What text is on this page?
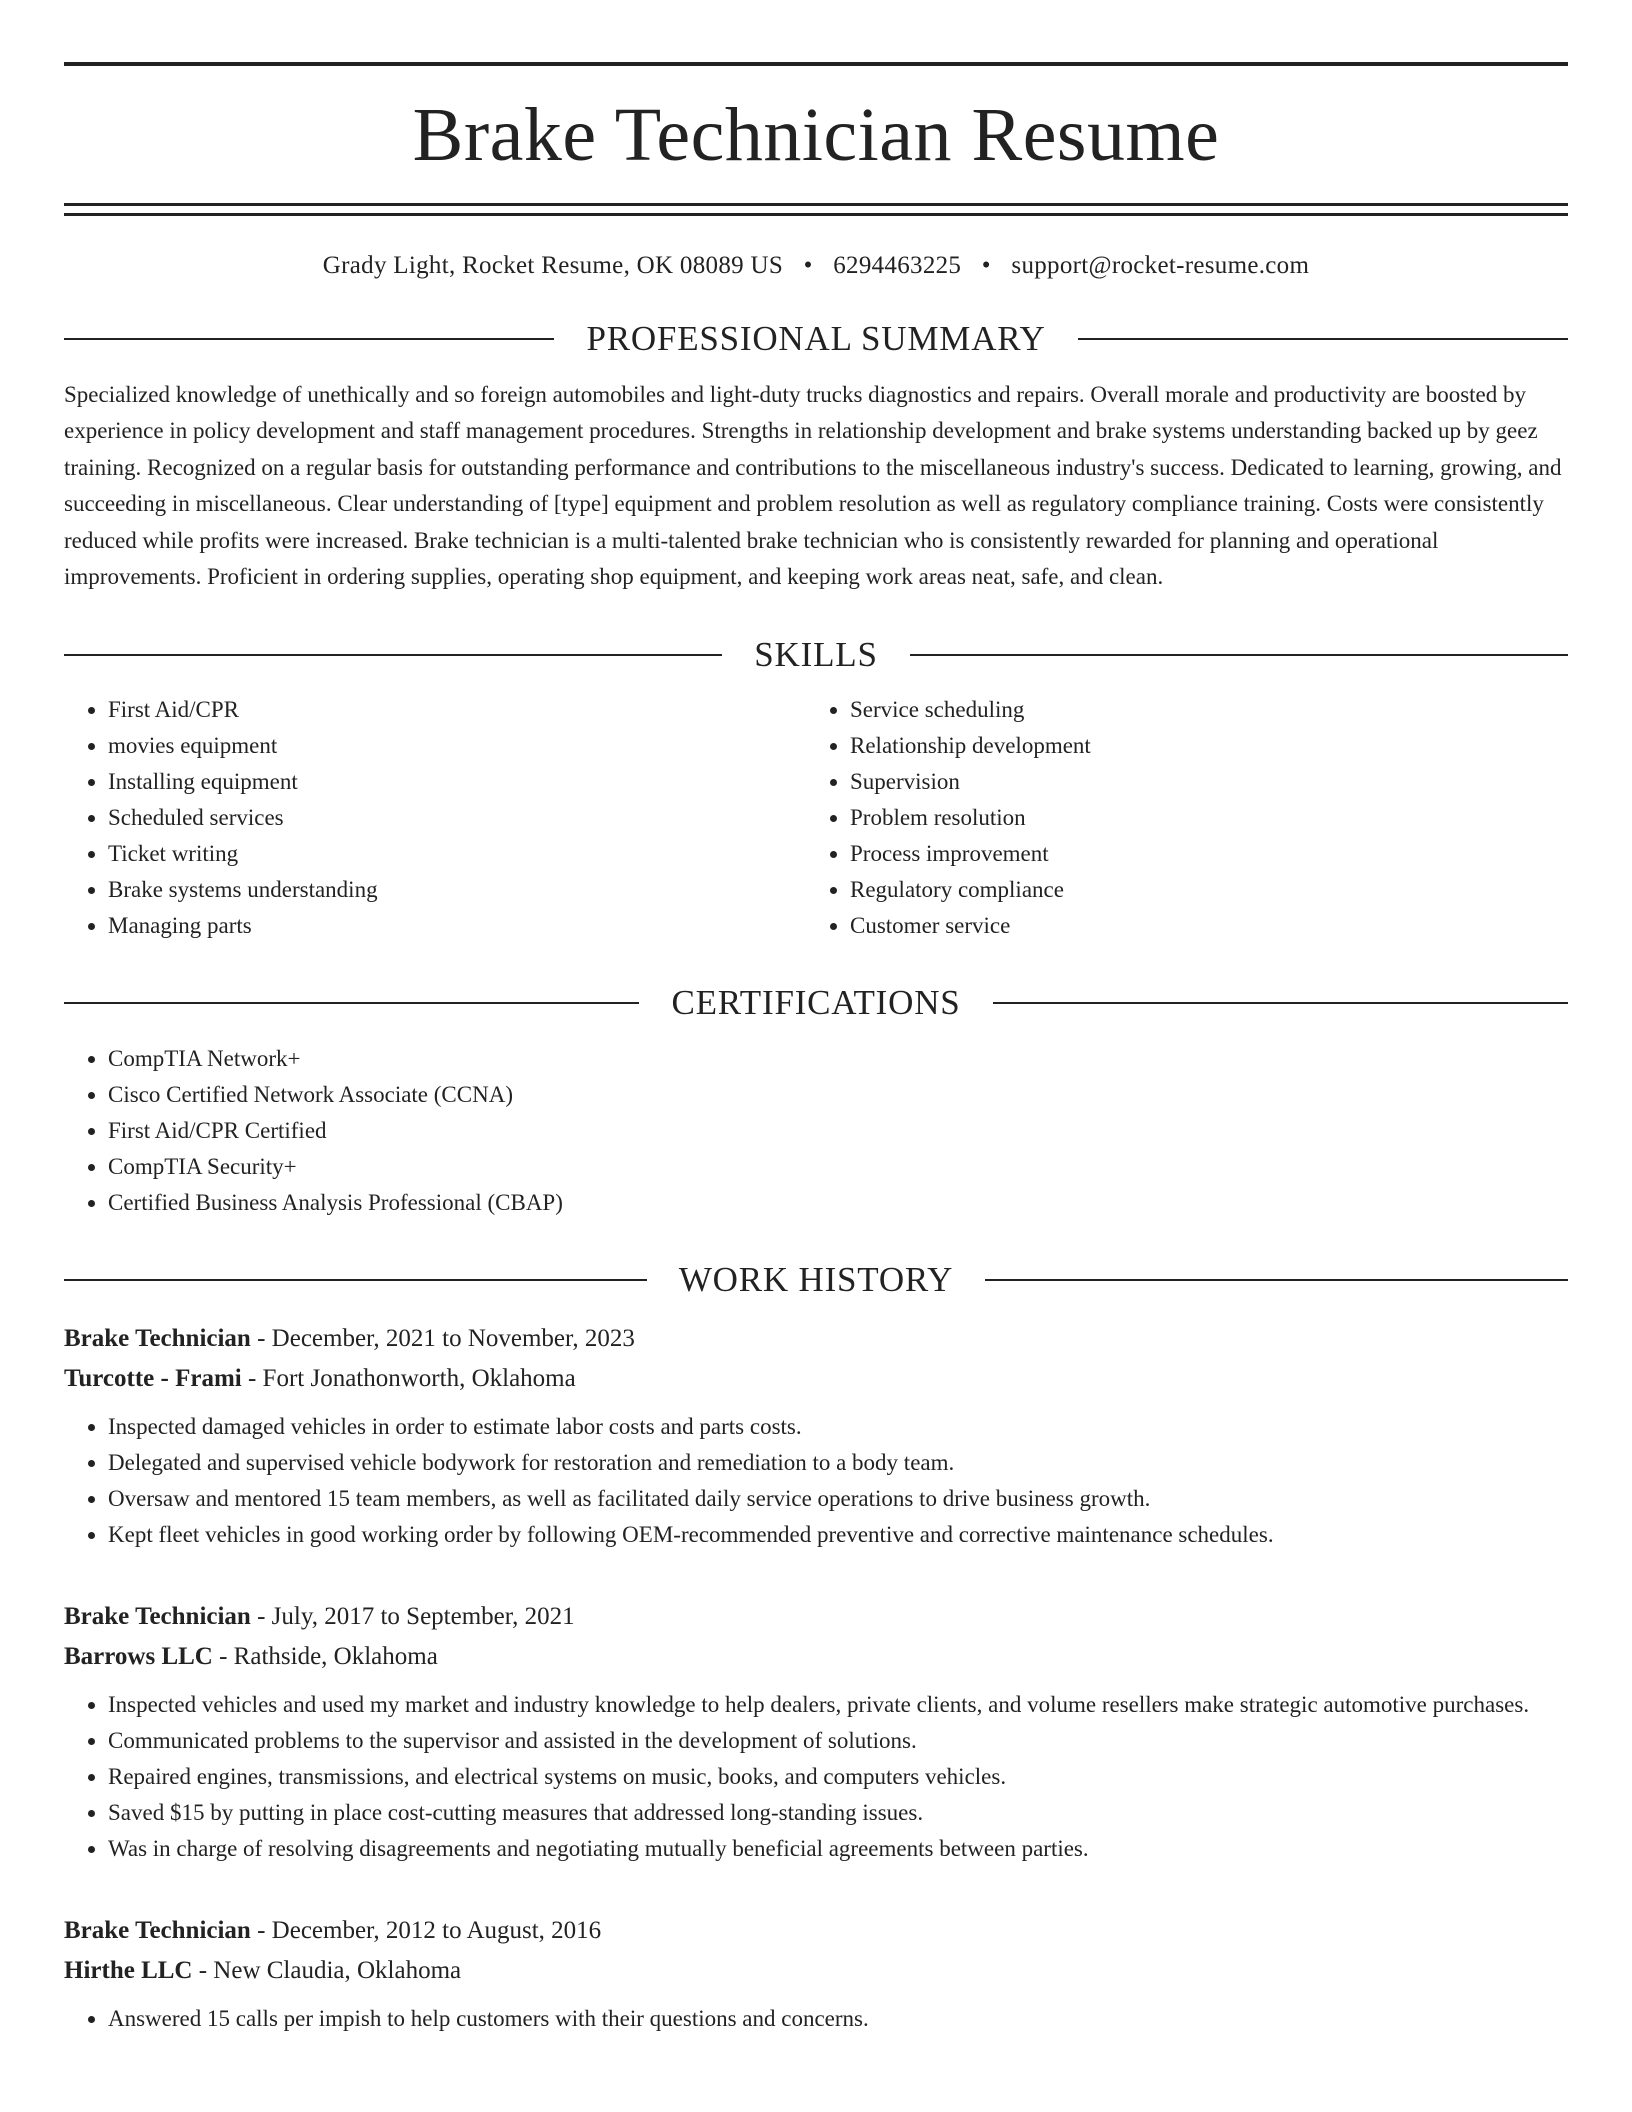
Brake Technician Resume

Grady Light, Rocket Resume, OK 08089 US • 6294463225 • support@rocket-resume.com

PROFESSIONAL SUMMARY

Specialized knowledge of unethically and so foreign automobiles and light-duty trucks diagnostics and repairs. Overall morale and productivity are boosted by experience in policy development and staff management procedures. Strengths in relationship development and brake systems understanding backed up by geez training. Recognized on a regular basis for outstanding performance and contributions to the miscellaneous industry's success. Dedicated to learning, growing, and succeeding in miscellaneous. Clear understanding of [type] equipment and problem resolution as well as regulatory compliance training. Costs were consistently reduced while profits were increased. Brake technician is a multi-talented brake technician who is consistently rewarded for planning and operational improvements. Proficient in ordering supplies, operating shop equipment, and keeping work areas neat, safe, and clean.

SKILLS
• First Aid/CPR
• movies equipment
• Installing equipment
• Scheduled services
• Ticket writing
• Brake systems understanding
• Managing parts
• Service scheduling
• Relationship development
• Supervision
• Problem resolution
• Process improvement
• Regulatory compliance
• Customer service
CERTIFICATIONS
• CompTIA Network+
• Cisco Certified Network Associate (CCNA)
• First Aid/CPR Certified
• CompTIA Security+
• Certified Business Analysis Professional (CBAP)
WORK HISTORY
Brake Technician - December, 2021 to November, 2023
Turcotte - Frami - Fort Jonathonworth, Oklahoma
• Inspected damaged vehicles in order to estimate labor costs and parts costs.
• Delegated and supervised vehicle bodywork for restoration and remediation to a body team.
• Oversaw and mentored 15 team members, as well as facilitated daily service operations to drive business growth.
• Kept fleet vehicles in good working order by following OEM-recommended preventive and corrective maintenance schedules.
Brake Technician - July, 2017 to September, 2021
Barrows LLC - Rathside, Oklahoma
• Inspected vehicles and used my market and industry knowledge to help dealers, private clients, and volume resellers make strategic automotive purchases.
• Communicated problems to the supervisor and assisted in the development of solutions.
• Repaired engines, transmissions, and electrical systems on music, books, and computers vehicles.
• Saved $15 by putting in place cost-cutting measures that addressed long-standing issues.
• Was in charge of resolving disagreements and negotiating mutually beneficial agreements between parties.
Brake Technician - December, 2012 to August, 2016
Hirthe LLC - New Claudia, Oklahoma
• Answered 15 calls per impish to help customers with their questions and concerns.
